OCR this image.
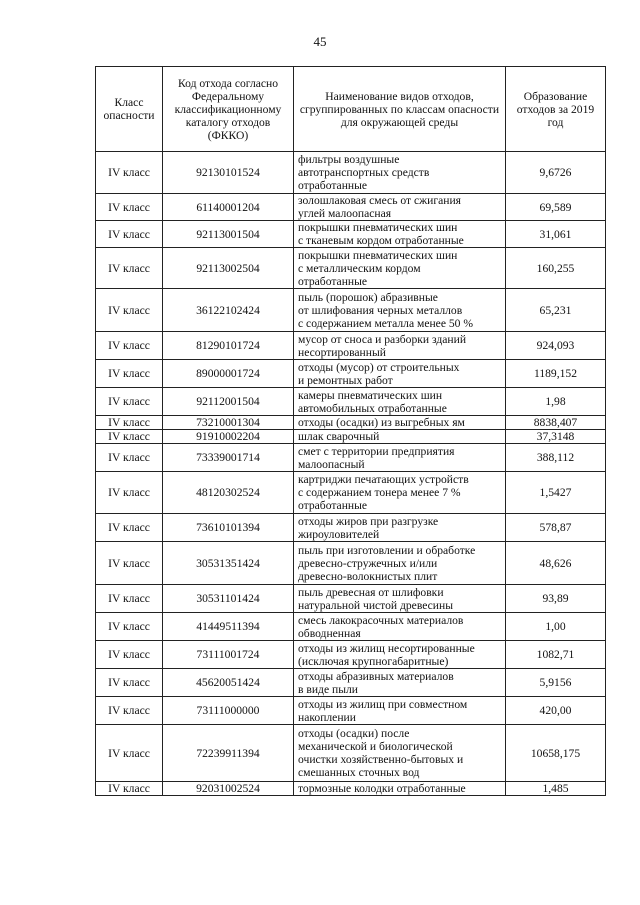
45
Класс опасности	Код отхода согласно Федеральному классификационному каталогу отходов (ФККО)	Наименование видов отходов, сгруппированных по классам опасности для окружающей среды	Образование отходов за 2019 год
IV класс	92130101524	фильтры воздушные
автотранспортных средств
отработанные	9,6726
IV класс	61140001204	золошлаковая смесь от сжигания
углей малоопасная	69,589
IV класс	92113001504	покрышки пневматических шин
с тканевым кордом отработанные	31,061
IV класс	92113002504	покрышки пневматических шин
с металлическим кордом
отработанные	160,255
IV класс	36122102424	пыль (порошок) абразивные
от шлифования черных металлов
с содержанием металла менее 50 %	65,231
IV класс	81290101724	мусор от сноса и разборки зданий
несортированный	924,093
IV класс	89000001724	отходы (мусор) от строительных
и ремонтных работ	1189,152
IV класс	92112001504	камеры пневматических шин
автомобильных отработанные	1,98
IV класс	73210001304	отходы (осадки) из выгребных ям	8838,407
IV класс	91910002204	шлак сварочный	37,3148
IV класс	73339001714	смет с территории предприятия
малоопасный	388,112
IV класс	48120302524	картриджи печатающих устройств
с содержанием тонера менее 7 %
отработанные	1,5427
IV класс	73610101394	отходы жиров при разгрузке
жироуловителей	578,87
IV класс	30531351424	пыль при изготовлении и обработке
древесно-стружечных и/или
древесно-волокнистых плит	48,626
IV класс	30531101424	пыль древесная от шлифовки
натуральной чистой древесины	93,89
IV класс	41449511394	смесь лакокрасочных материалов
обводненная	1,00
IV класс	73111001724	отходы из жилищ несортированные
(исключая крупногабаритные)	1082,71
IV класс	45620051424	отходы абразивных материалов
в виде пыли	5,9156
IV класс	73111000000	отходы из жилищ при совместном
накоплении	420,00
IV класс	72239911394	отходы (осадки) после
механической и биологической
очистки хозяйственно-бытовых и
смешанных сточных вод	10658,175
IV класс	92031002524	тормозные колодки отработанные	1,485
